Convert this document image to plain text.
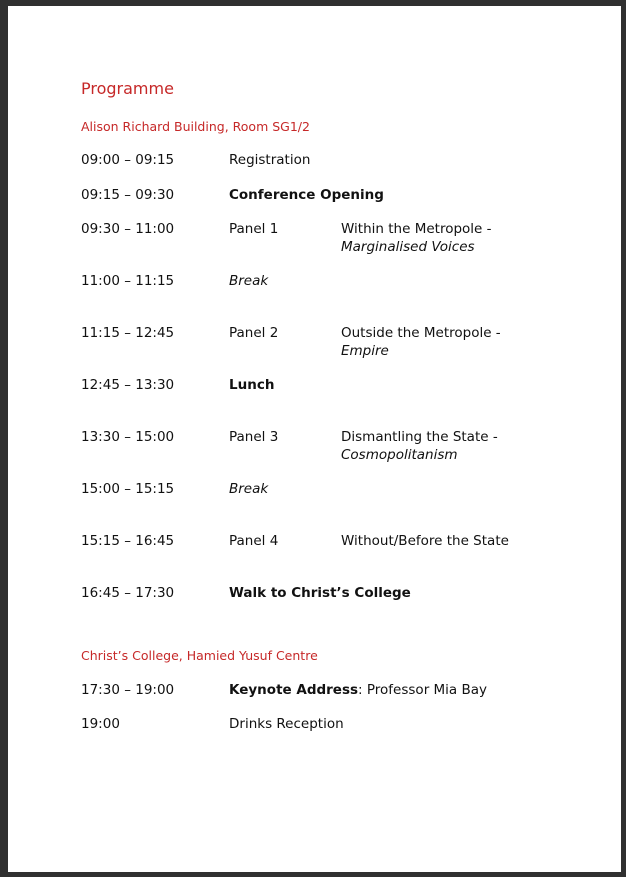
Programme
Alison Richard Building, Room SG1/2
09:00 – 09:15	Registration
09:15 – 09:30	Conference Opening
09:30 – 11:00	Panel 1	Within the Metropole -
Marginalised Voices
11:00 – 11:15	Break
11:15 – 12:45	Panel 2	Outside the Metropole -
Empire
12:45 – 13:30	Lunch
13:30 – 15:00	Panel 3	Dismantling the State -
Cosmopolitanism
15:00 – 15:15	Break
15:15 – 16:45	Panel 4	Without/Before the State
16:45 – 17:30	Walk to Christ’s College
Christ’s College, Hamied Yusuf Centre
17:30 – 19:00	Keynote Address: Professor Mia Bay
19:00	Drinks Reception
